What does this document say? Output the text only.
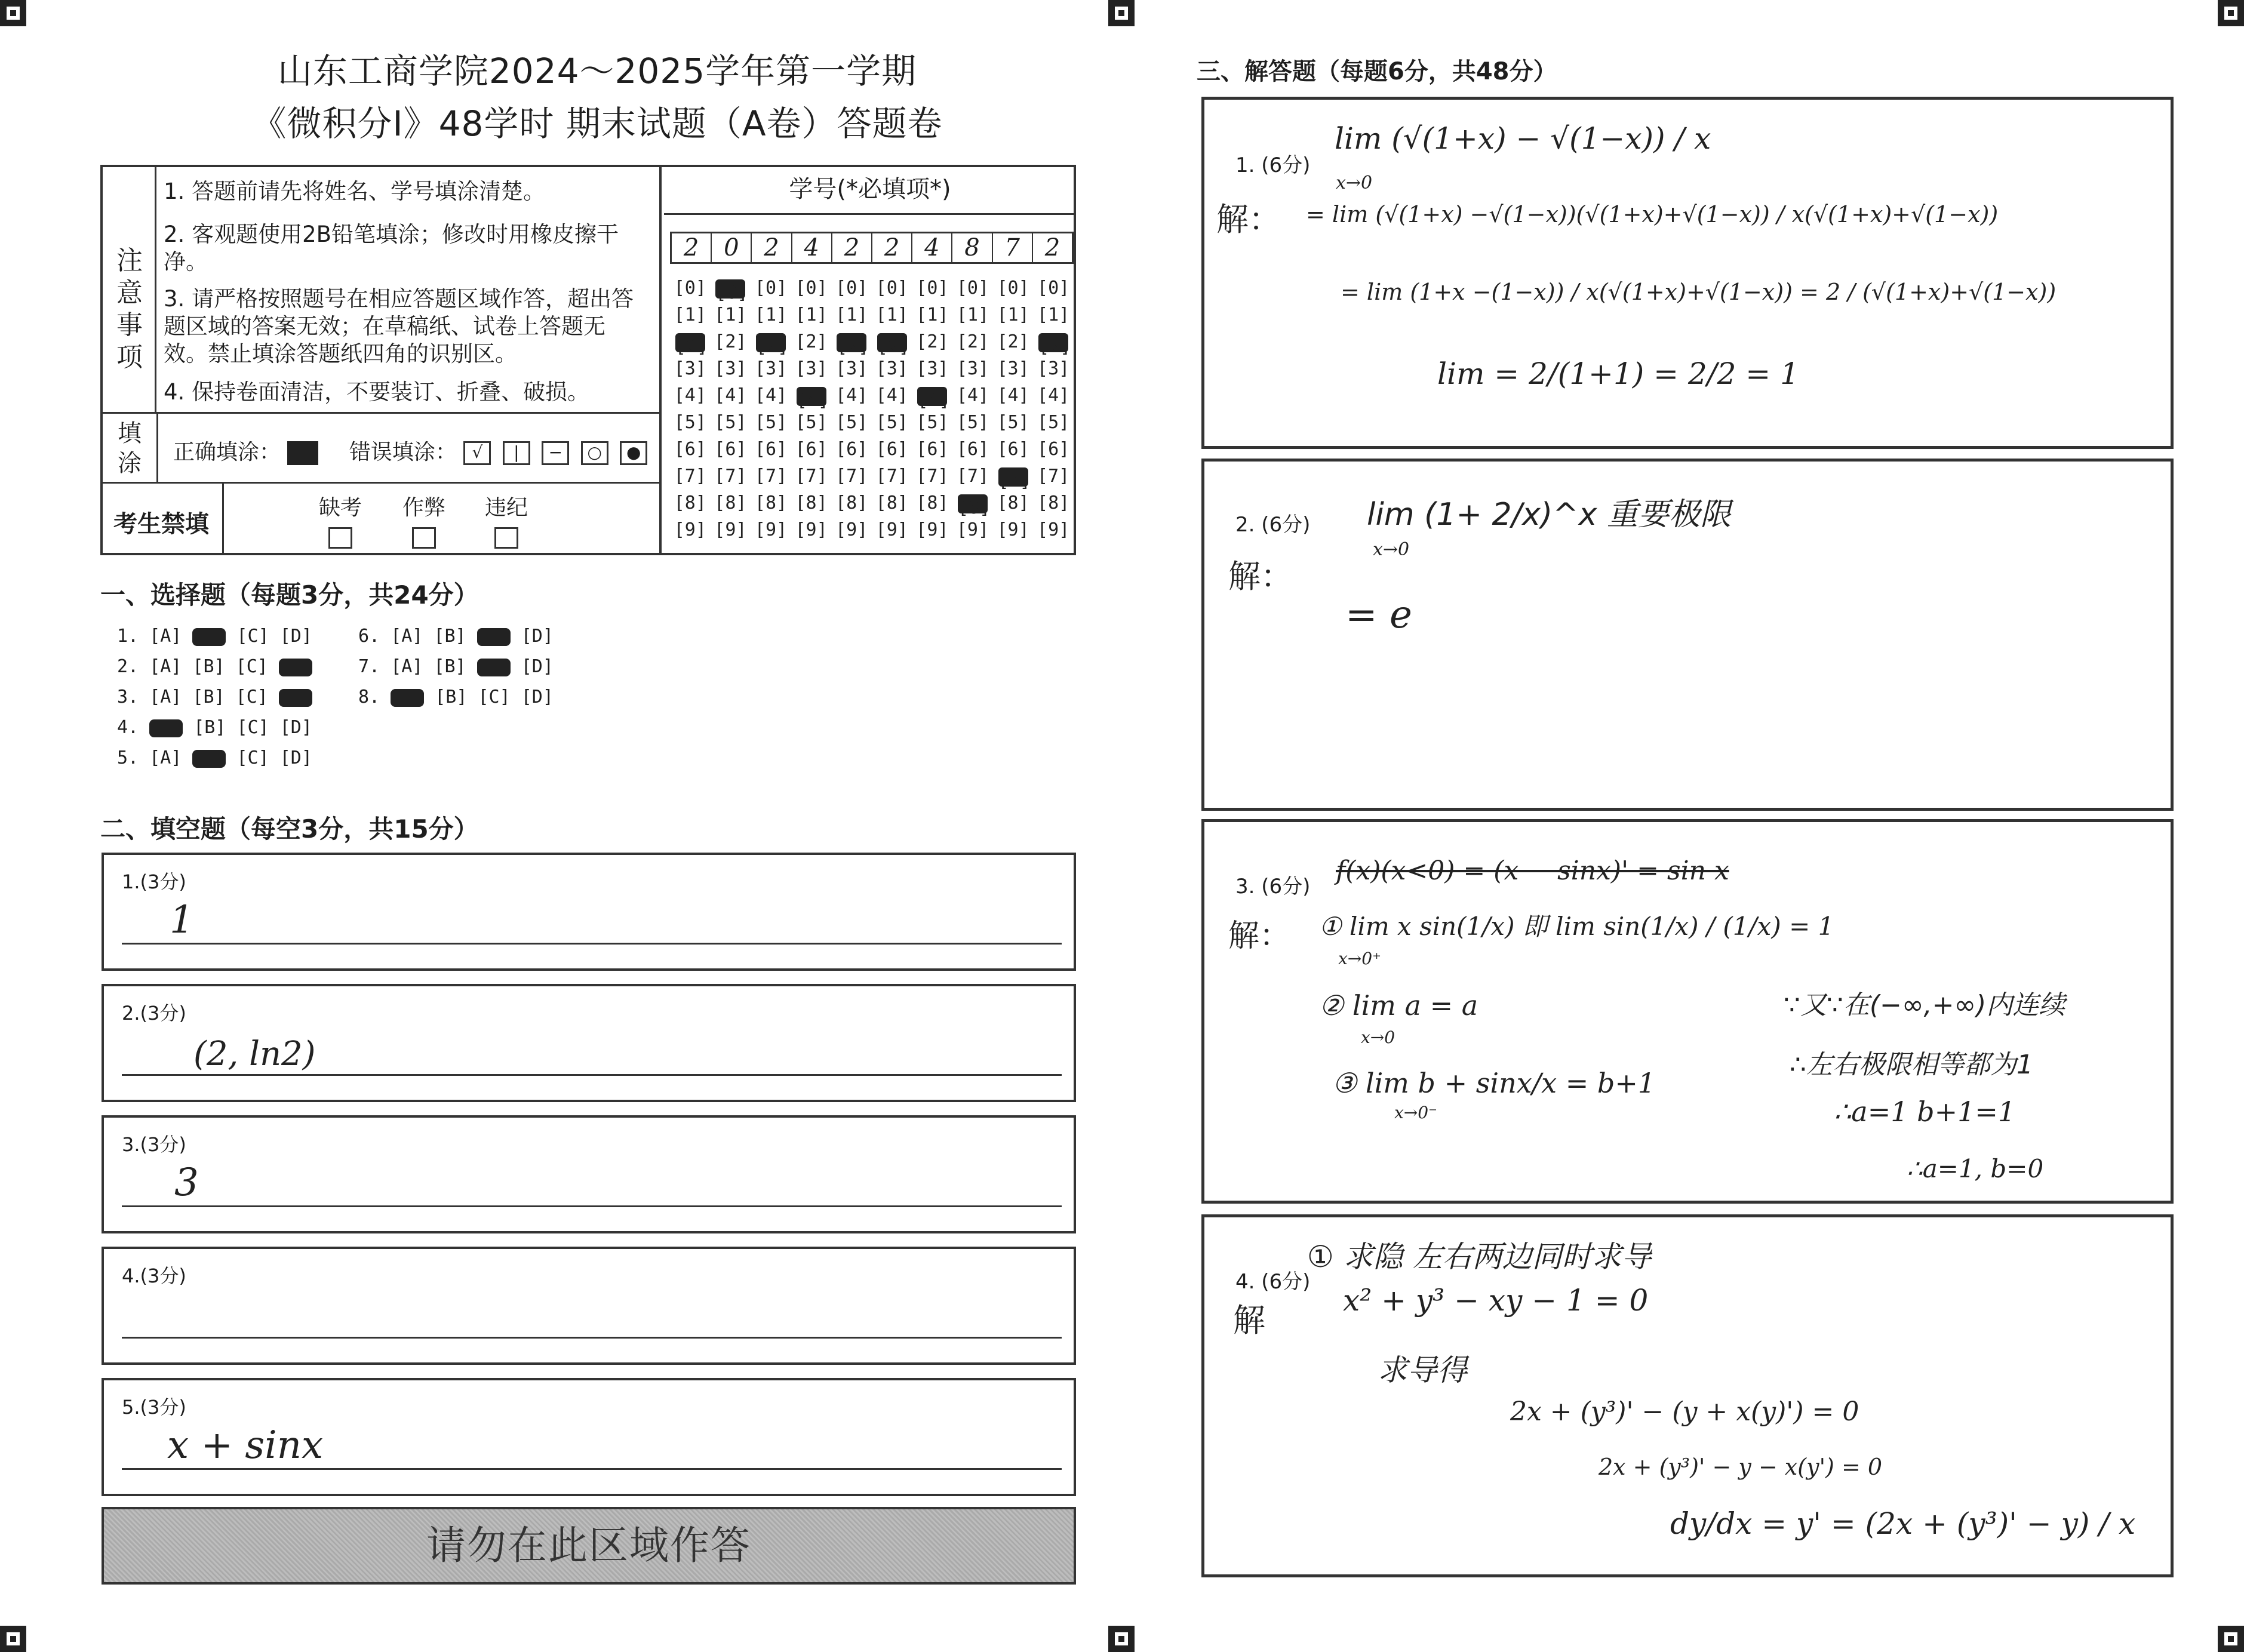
山东工商学院2024～2025学年第一学期
《微积分I》48学时 期末试题（A卷）答题卷
注意事项
1. 答题前请先将姓名、学号填涂清楚。
2. 客观题使用2B铅笔填涂；修改时用橡皮擦干净。
3. 请严格按照题号在相应答题区域作答，超出答题区域的答案无效；在草稿纸、试卷上答题无效。禁止填涂答题纸四角的识别区。
4. 保持卷面清洁，不要装订、折叠、破损。
填涂 正确填涂：	错误填涂： √ | − ○ ●
考生禁填
缺考 作弊 违纪
学号(*必填项*)
2	0	2	4	2	2	4	8	7	2
[0] [0] [0] [0] [0] [0] [0] [0] [0] [0]
[1] [1] [1] [1] [1] [1] [1] [1] [1] [1]
[2] [2] [2] [2] [2] [2] [2] [2] [2] [2]
[3] [3] [3] [3] [3] [3] [3] [3] [3] [3]
[4] [4] [4] [4] [4] [4] [4] [4] [4] [4]
[5] [5] [5] [5] [5] [5] [5] [5] [5] [5]
[6] [6] [6] [6] [6] [6] [6] [6] [6] [6]
[7] [7] [7] [7] [7] [7] [7] [7] [7] [7]
[8] [8] [8] [8] [8] [8] [8] [8] [8] [8]
[9] [9] [9] [9] [9] [9] [9] [9] [9] [9]
一、选择题（每题3分，共24分）
1. [A]	[C] [D]
2. [A] [B] [C]
3. [A] [B] [C]
4.  [B] [C] [D]
5. [A]	[C] [D]
6. [A] [B]	[D]
7. [A] [B]	[D]
8.  [B] [C] [D]
二、填空题（每空3分，共15分）
1.(3分)
1
2.(3分)
(2, ln2)
3.(3分)
3
4.(3分)
5.(3分)
x + sinx
请勿在此区域作答
三、解答题（每题6分，共48分）
1. (6分)
lim (√(1+x) − √(1−x)) / x
x→0
解： = lim (√(1+x) −√(1−x))(√(1+x)+√(1−x)) / x(√(1+x)+√(1−x))
= lim (1+x −(1−x)) / x(√(1+x)+√(1−x)) = 2 / (√(1+x)+√(1−x))
lim = 2/(1+1) = 2/2 = 1
2. (6分) lim (1+ 2/x)^x 重要极限
x→0
解：
= e
3. (6分)
f(x)(x<0) = (x − sinx)' = sin x
解： ① lim x sin(1/x) 即 lim sin(1/x) / (1/x) = 1
x→0⁺
② lim a = a
x→0
③ lim b + sinx/x = b+1
x→0⁻
∵又∵在(−∞,+∞)内连续
∴左右极限相等都为1
∴a=1 b+1=1
∴a=1, b=0
4. (6分)
① 求隐 左右两边同时求导
解
x² + y³ − xy − 1 = 0
求导得
2x + (y³)' − (y + x(y)') = 0
2x + (y³)' − y − x(y') = 0
dy/dx = y' = (2x + (y³)' − y) / x
